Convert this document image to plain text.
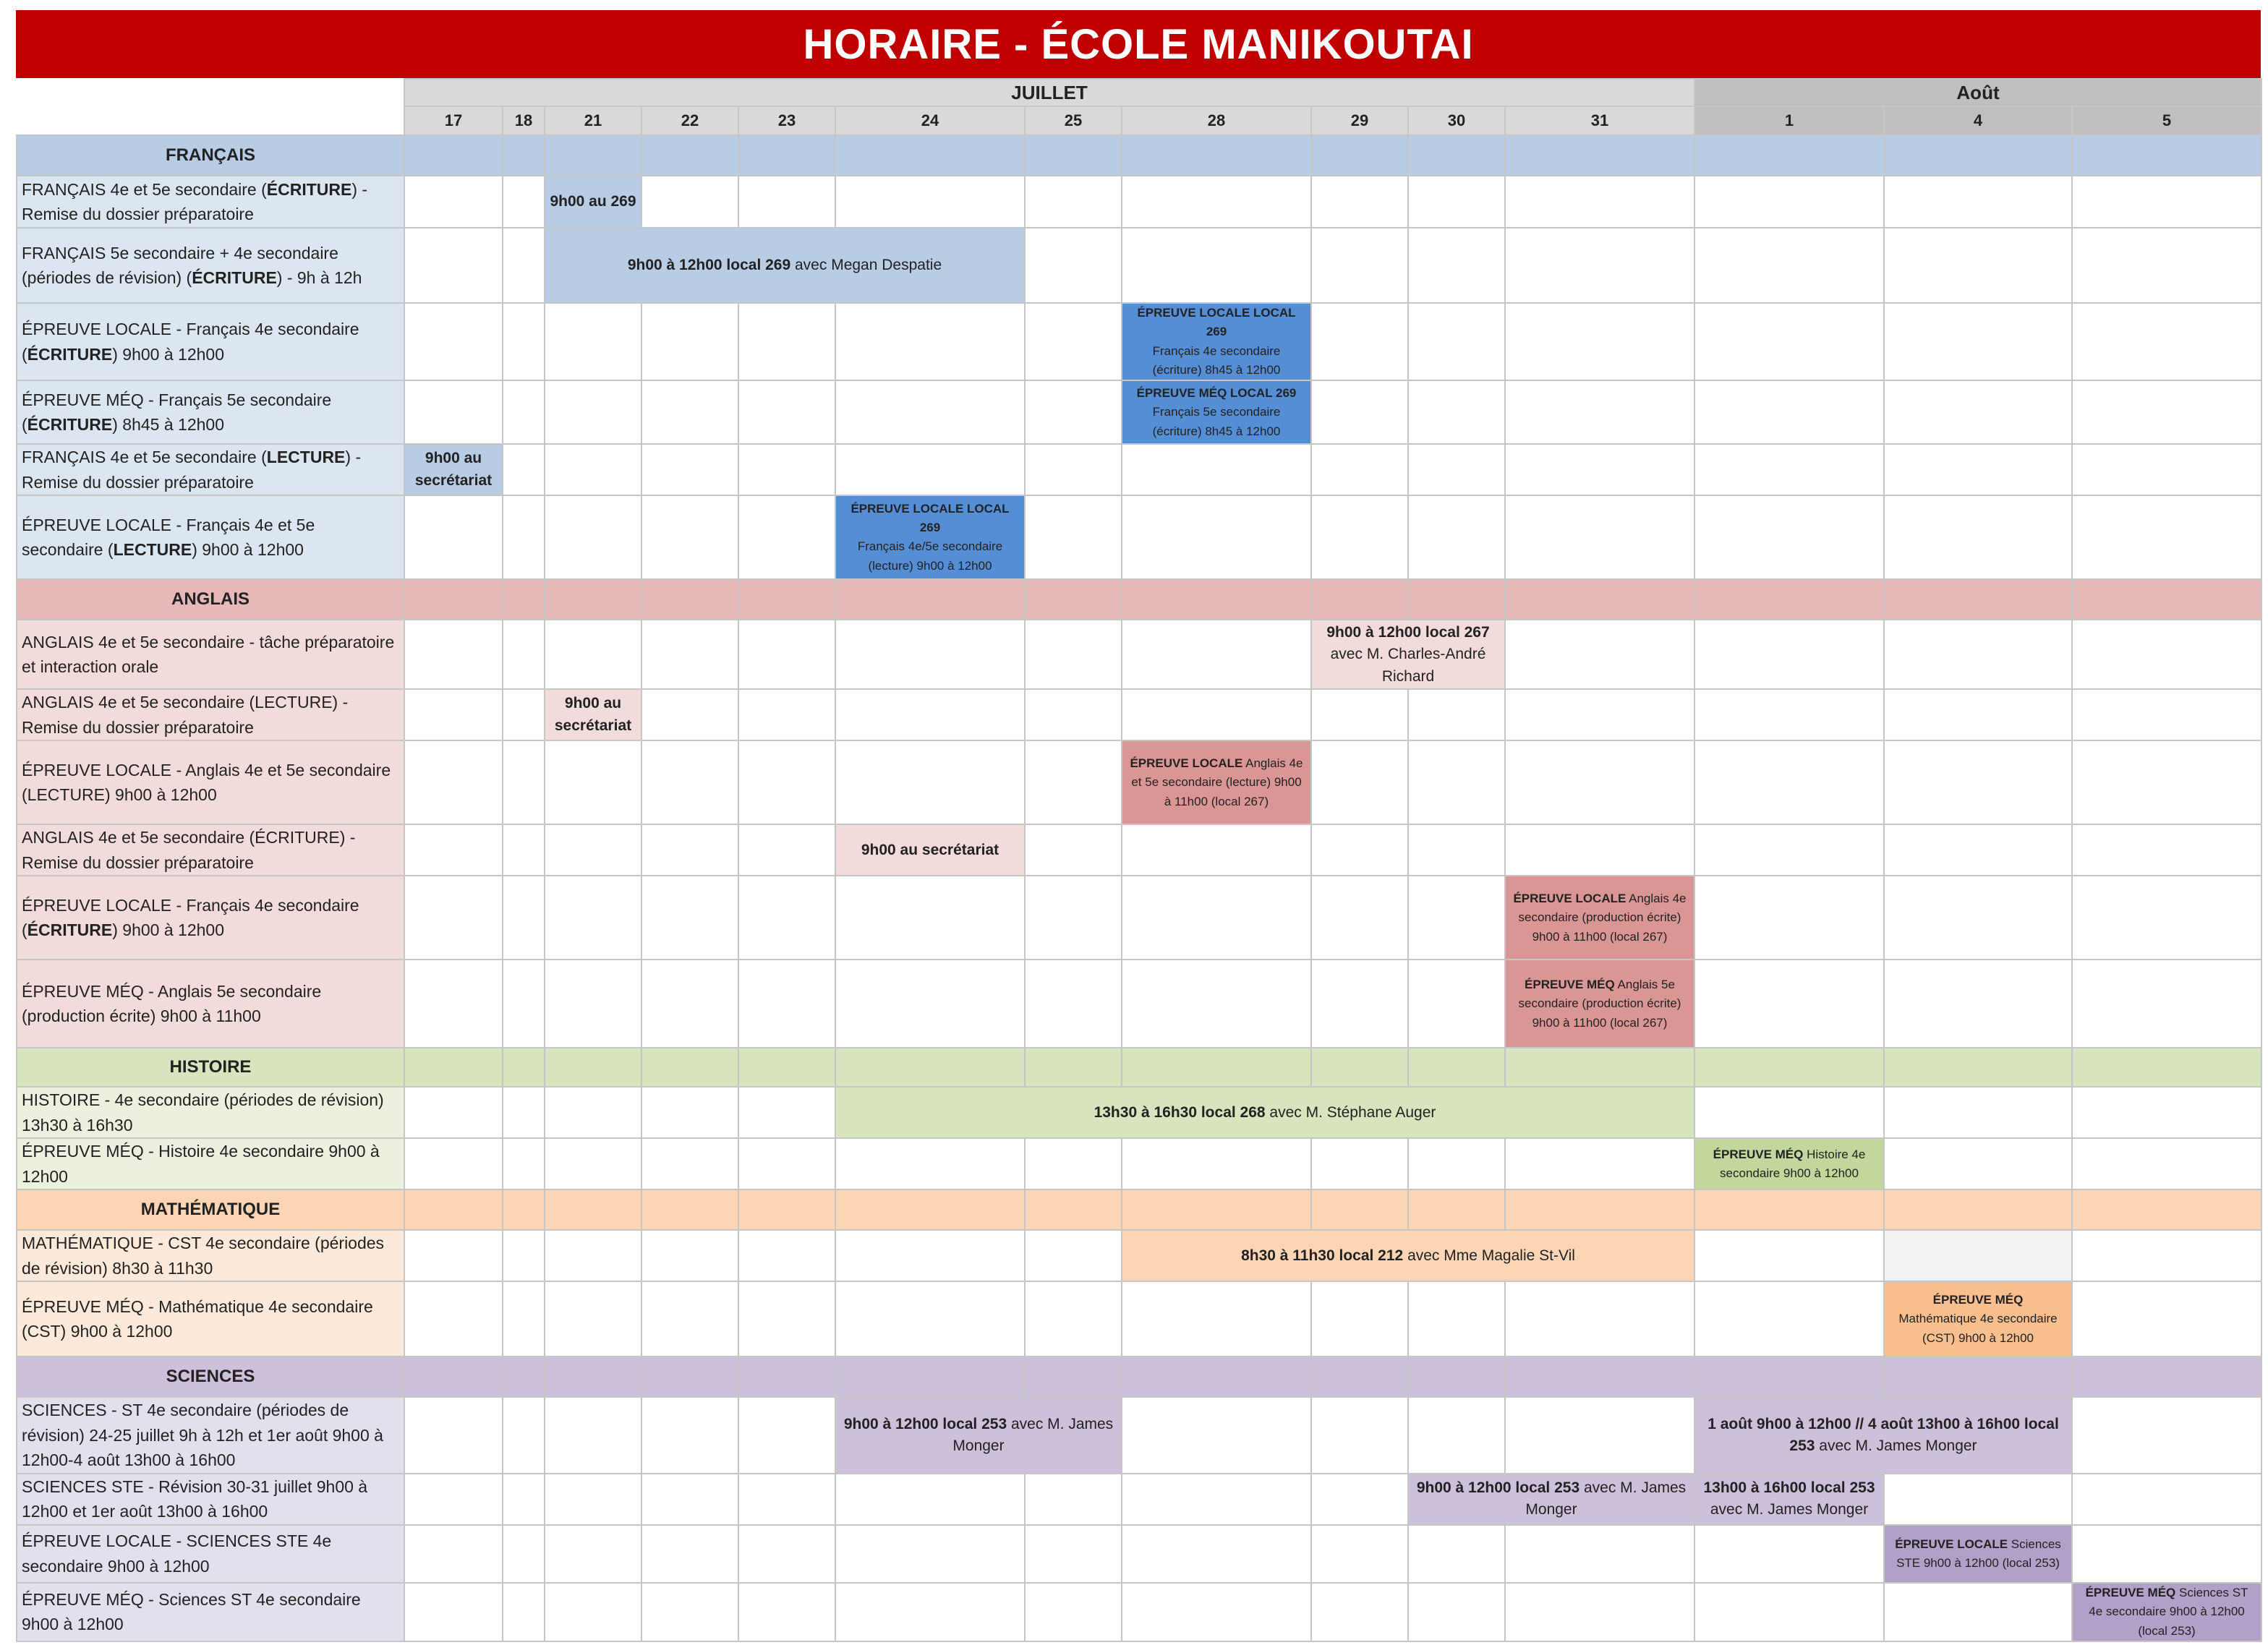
HORAIRE - ÉCOLE MANIKOUTAI
	JUILLET											Août			
	17	18	21	22	23	24	25	28	29	30	31	1	4	5	
FRANÇAIS															
FRANÇAIS 4e et 5e secondaire (ÉCRITURE) - Remise du dossier préparatoire			9h00 au 269												
FRANÇAIS 5e secondaire + 4e secondaire (périodes de révision) (ÉCRITURE) - 9h à 12h			9h00 à 12h00 local 269 avec Megan Despatie												
ÉPREUVE LOCALE - Français 4e secondaire (ÉCRITURE) 9h00 à 12h00								ÉPREUVE LOCALE LOCAL 269
Français 4e secondaire
(écriture) 8h45 à 12h00							
ÉPREUVE MÉQ - Français 5e secondaire (ÉCRITURE) 8h45 à 12h00								ÉPREUVE MÉQ LOCAL 269
Français 5e secondaire
(écriture) 8h45 à 12h00							
FRANÇAIS 4e et 5e secondaire (LECTURE) - Remise du dossier préparatoire	9h00 au secrétariat														
ÉPREUVE LOCALE - Français 4e et 5e secondaire (LECTURE) 9h00 à 12h00						ÉPREUVE LOCALE LOCAL 269
Français 4e/5e secondaire
(lecture) 9h00 à 12h00									
ANGLAIS															
ANGLAIS 4e et 5e secondaire - tâche préparatoire et interaction orale									9h00 à 12h00 local 267
avec M. Charles-André Richard						
ANGLAIS 4e et 5e secondaire (LECTURE) - Remise du dossier préparatoire			9h00 au secrétariat												
ÉPREUVE LOCALE - Anglais 4e et 5e secondaire (LECTURE) 9h00 à 12h00								ÉPREUVE LOCALE Anglais 4e et 5e secondaire (lecture) 9h00 à 11h00 (local 267)							
ANGLAIS 4e et 5e secondaire (ÉCRITURE) - Remise du dossier préparatoire						9h00 au secrétariat									
ÉPREUVE LOCALE - Français 4e secondaire (ÉCRITURE) 9h00 à 12h00											ÉPREUVE LOCALE Anglais 4e secondaire (production écrite) 9h00 à 11h00 (local 267)				
ÉPREUVE MÉQ - Anglais 5e secondaire (production écrite) 9h00 à 11h00											ÉPREUVE MÉQ Anglais 5e secondaire (production écrite) 9h00 à 11h00 (local 267)				
HISTOIRE															
HISTOIRE - 4e secondaire (périodes de révision) 13h30 à 16h30						13h30 à 16h30 local 268 avec M. Stéphane Auger									
ÉPREUVE MÉQ - Histoire 4e secondaire 9h00 à 12h00												ÉPREUVE MÉQ Histoire 4e secondaire 9h00 à 12h00			
MATHÉMATIQUE															
MATHÉMATIQUE - CST 4e secondaire (périodes de révision) 8h30 à 11h30								8h30 à 11h30 local 212 avec Mme Magalie St-Vil							
ÉPREUVE MÉQ - Mathématique 4e secondaire (CST) 9h00 à 12h00													ÉPREUVE MÉQ
Mathématique 4e secondaire (CST) 9h00 à 12h00		
SCIENCES															
SCIENCES - ST 4e secondaire (périodes de révision) 24-25 juillet 9h à 12h et 1er août 9h00 à 12h00-4 août 13h00 à 16h00						9h00 à 12h00 local 253 avec M. James Monger						1 août 9h00 à 12h00 // 4 août 13h00 à 16h00 local 253 avec M. James Monger			
SCIENCES STE - Révision 30-31 juillet 9h00 à 12h00 et 1er août 13h00 à 16h00										9h00 à 12h00 local 253 avec M. James Monger		13h00 à 16h00 local 253 avec M. James Monger			
ÉPREUVE LOCALE - SCIENCES STE 4e secondaire 9h00 à 12h00													ÉPREUVE LOCALE Sciences STE 9h00 à 12h00 (local 253)		
ÉPREUVE MÉQ - Sciences ST 4e secondaire 9h00 à 12h00														ÉPREUVE MÉQ Sciences ST 4e secondaire 9h00 à 12h00 (local 253)	
